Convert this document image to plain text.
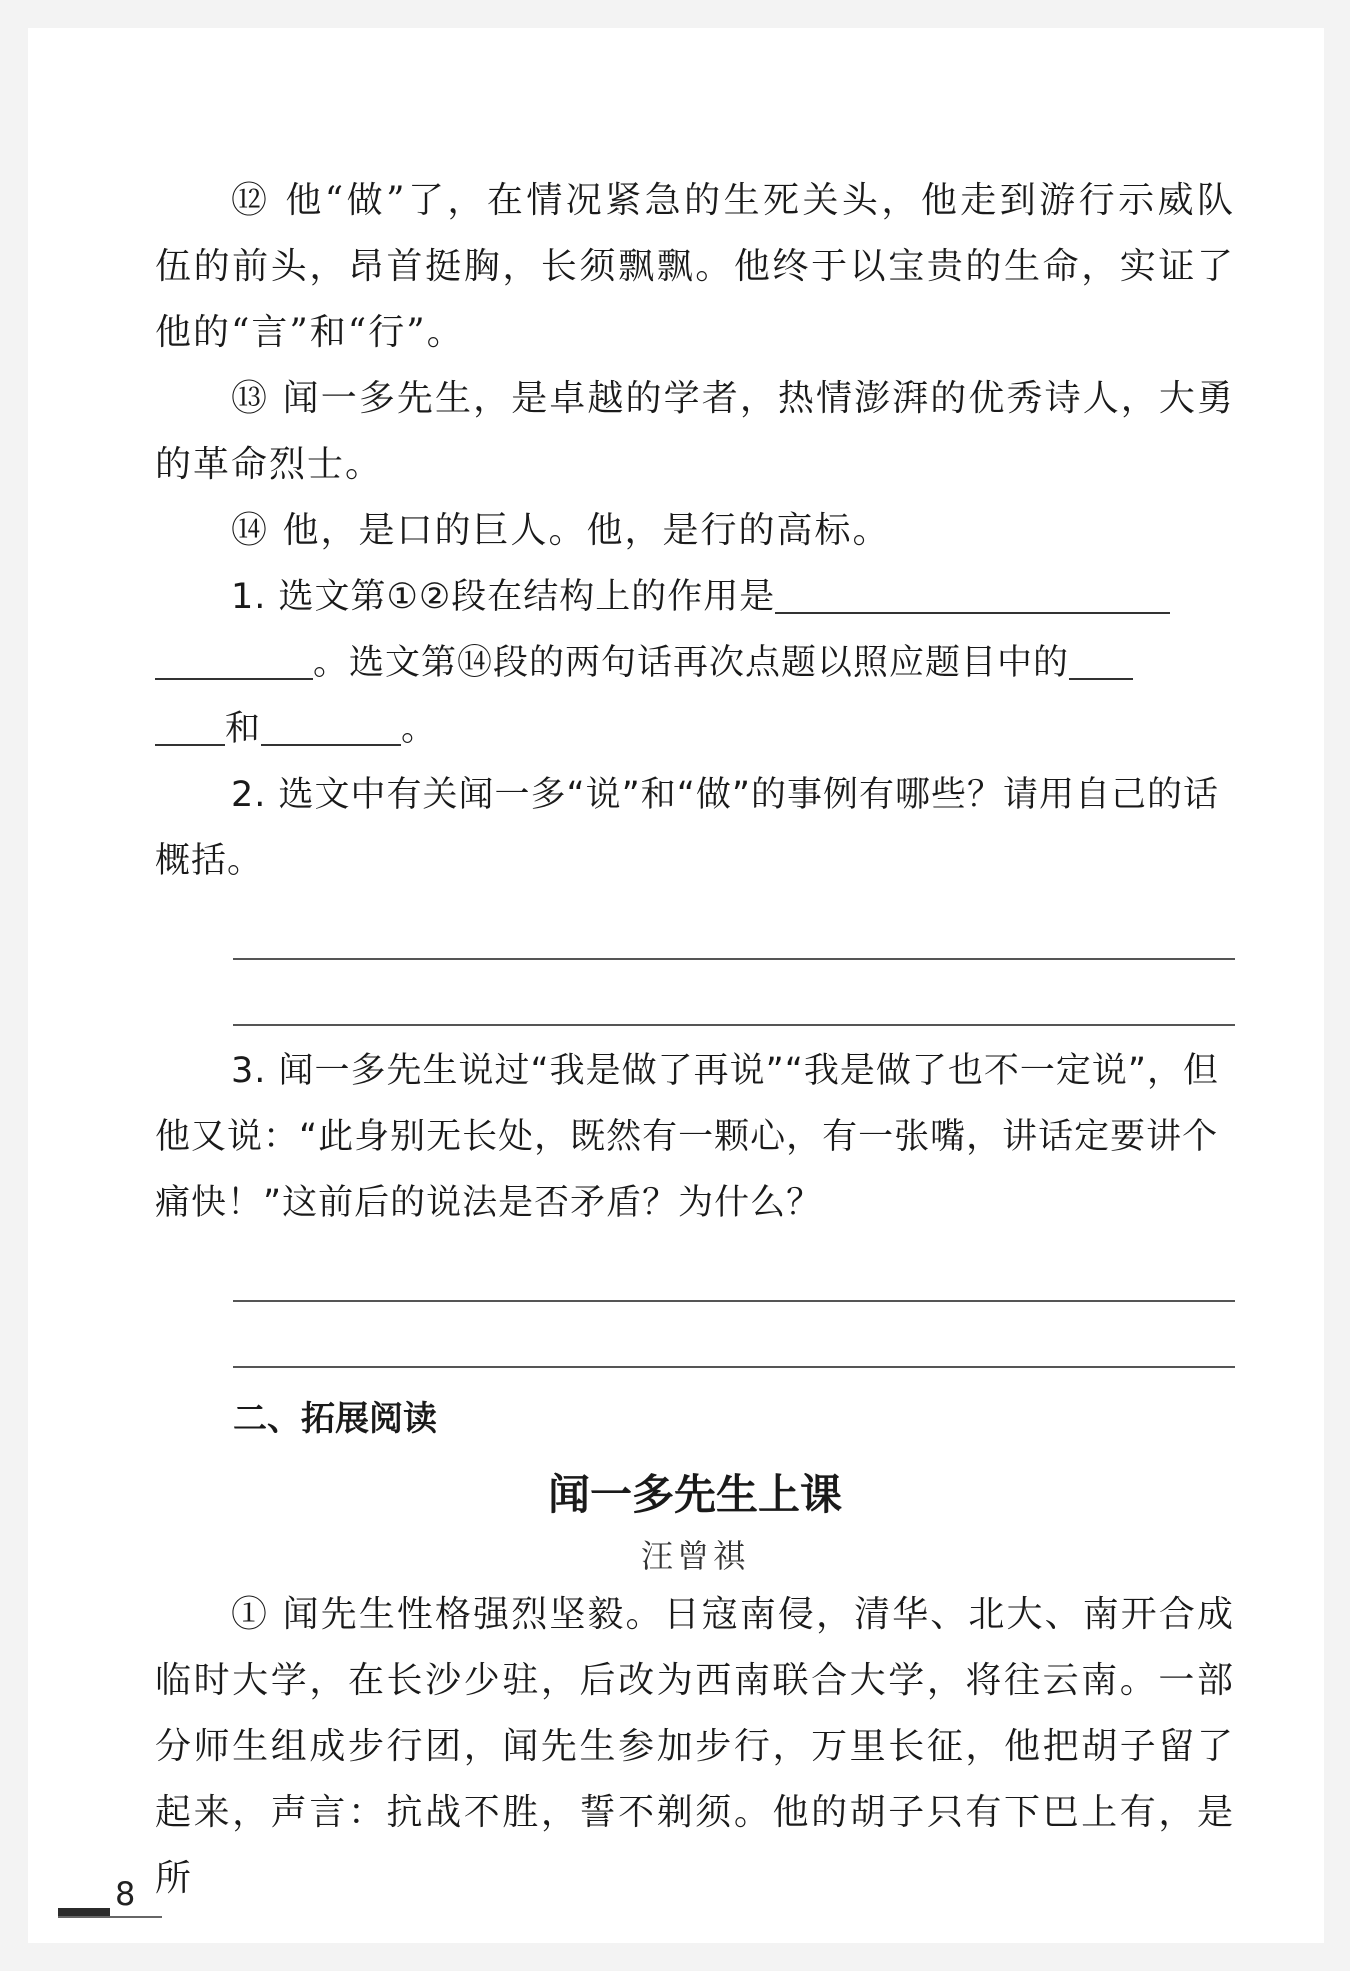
⑫ 他“做”了，在情况紧急的生死关头，他走到游行示威队伍的前头，昂首挺胸，长须飘飘。他终于以宝贵的生命，实证了他的“言”和“行”。

⑬ 闻一多先生，是卓越的学者，热情澎湃的优秀诗人，大勇的革命烈士。

⑭ 他，是口的巨人。他，是行的高标。

1. 选文第①②段在结构上的作用是。选文第⑭段的两句话再次点题以照应题目中的
和	。

2. 选文中有关闻一多“说”和“做”的事例有哪些？请用自己的话概括。

3. 闻一多先生说过“我是做了再说”“我是做了也不一定说”，但他又说：“此身别无长处，既然有一颗心，有一张嘴，讲话定要讲个痛快！”这前后的说法是否矛盾？为什么？

二、拓展阅读

闻一多先生上课

汪曾祺

① 闻先生性格强烈坚毅。日寇南侵，清华、北大、南开合成临时大学，在长沙少驻，后改为西南联合大学，将往云南。一部分师生组成步行团，闻先生参加步行，万里长征，他把胡子留了起来，声言：抗战不胜，誓不剃须。他的胡子只有下巴上有，是所

8
